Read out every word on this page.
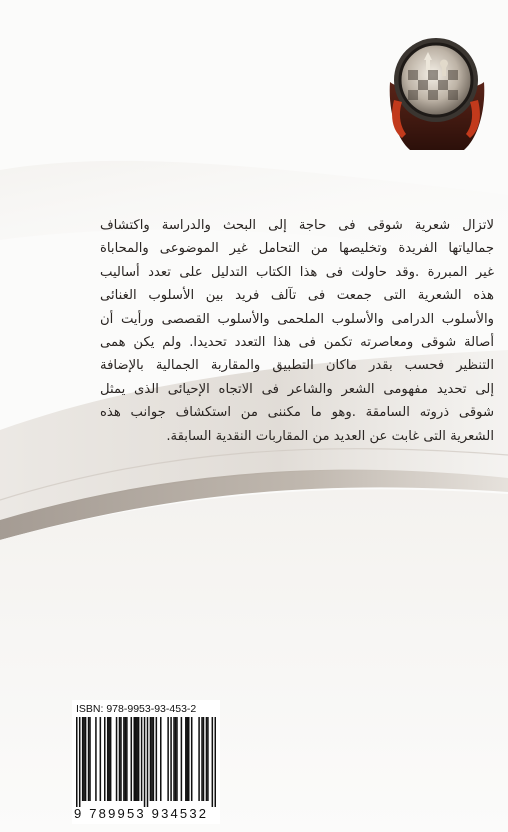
لاتزال شعرية شوقى فى حاجة إلى البحث والدراسة واكتشاف
جمالياتها الفريدة وتخليصها من التحامل غير الموضوعى والمحاباة
غير المبررة .وقد حاولت فى هذا الكتاب التدليل على تعدد أساليب
هذه الشعرية التى جمعت فى تآلف فريد بين الأسلوب الغنائى
والأسلوب الدرامى والأسلوب الملحمى والأسلوب القصصى ورأيت أن
أصالة شوقى ومعاصرته تكمن فى هذا التعدد تحديدا. ولم يكن همى
التنظير فحسب بقدر ماكان التطبيق والمقاربة الجمالية بالإضافة
إلى تحديد مفهومى الشعر والشاعر فى الاتجاه الإحيائى الذى يمثل
شوقى ذروته السامقة .وهو ما مكننى من استكشاف جوانب هذه
الشعرية التى غابت عن العديد من المقاربات النقدية السابقة.
ISBN: 978-9953-93-453-2
9 789953 934532
